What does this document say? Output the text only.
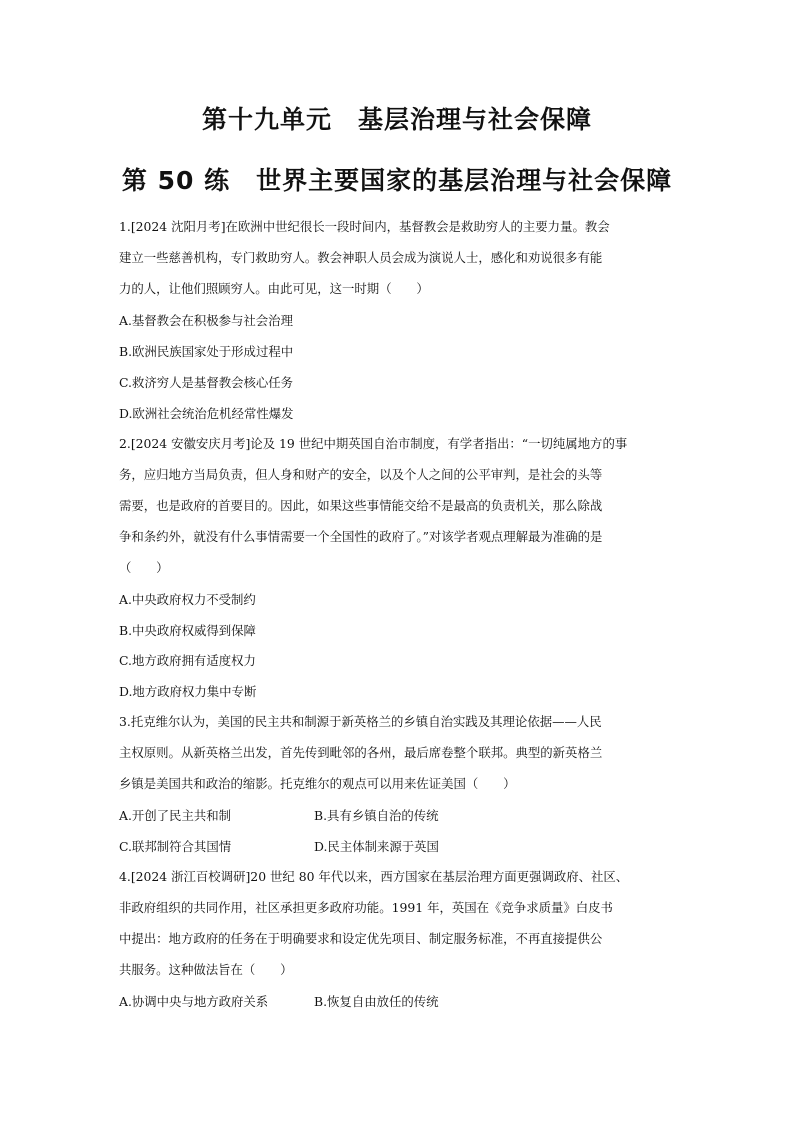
第十九单元　基层治理与社会保障
第 50 练　世界主要国家的基层治理与社会保障

1.[2024 沈阳月考]在欧洲中世纪很长一段时间内，基督教会是救助穷人的主要力量。教会

建立一些慈善机构，专门救助穷人。教会神职人员会成为演说人士，感化和劝说很多有能

力的人，让他们照顾穷人。由此可见，这一时期（　　）

A.基督教会在积极参与社会治理
B.欧洲民族国家处于形成过程中
C.救济穷人是基督教会核心任务
D.欧洲社会统治危机经常性爆发

2.[2024 安徽安庆月考]论及 19 世纪中期英国自治市制度，有学者指出：“一切纯属地方的事

务，应归地方当局负责，但人身和财产的安全，以及个人之间的公平审判，是社会的头等

需要，也是政府的首要目的。因此，如果这些事情能交给不是最高的负责机关，那么除战

争和条约外，就没有什么事情需要一个全国性的政府了。”对该学者观点理解最为准确的是

（　　）

A.中央政府权力不受制约
B.中央政府权威得到保障
C.地方政府拥有适度权力
D.地方政府权力集中专断

3.托克维尔认为，美国的民主共和制源于新英格兰的乡镇自治实践及其理论依据——人民

主权原则。从新英格兰出发，首先传到毗邻的各州，最后席卷整个联邦。典型的新英格兰

乡镇是美国共和政治的缩影。托克维尔的观点可以用来佐证美国（　　）

A.开创了民主共和制	B.具有乡镇自治的传统
C.联邦制符合其国情	D.民主体制来源于英国

4.[2024 浙江百校调研]20 世纪 80 年代以来，西方国家在基层治理方面更强调政府、社区、

非政府组织的共同作用，社区承担更多政府功能。1991 年，英国在《竞争求质量》白皮书

中提出：地方政府的任务在于明确要求和设定优先项目、制定服务标准，不再直接提供公

共服务。这种做法旨在（　　）

A.协调中央与地方政府关系	B.恢复自由放任的传统
